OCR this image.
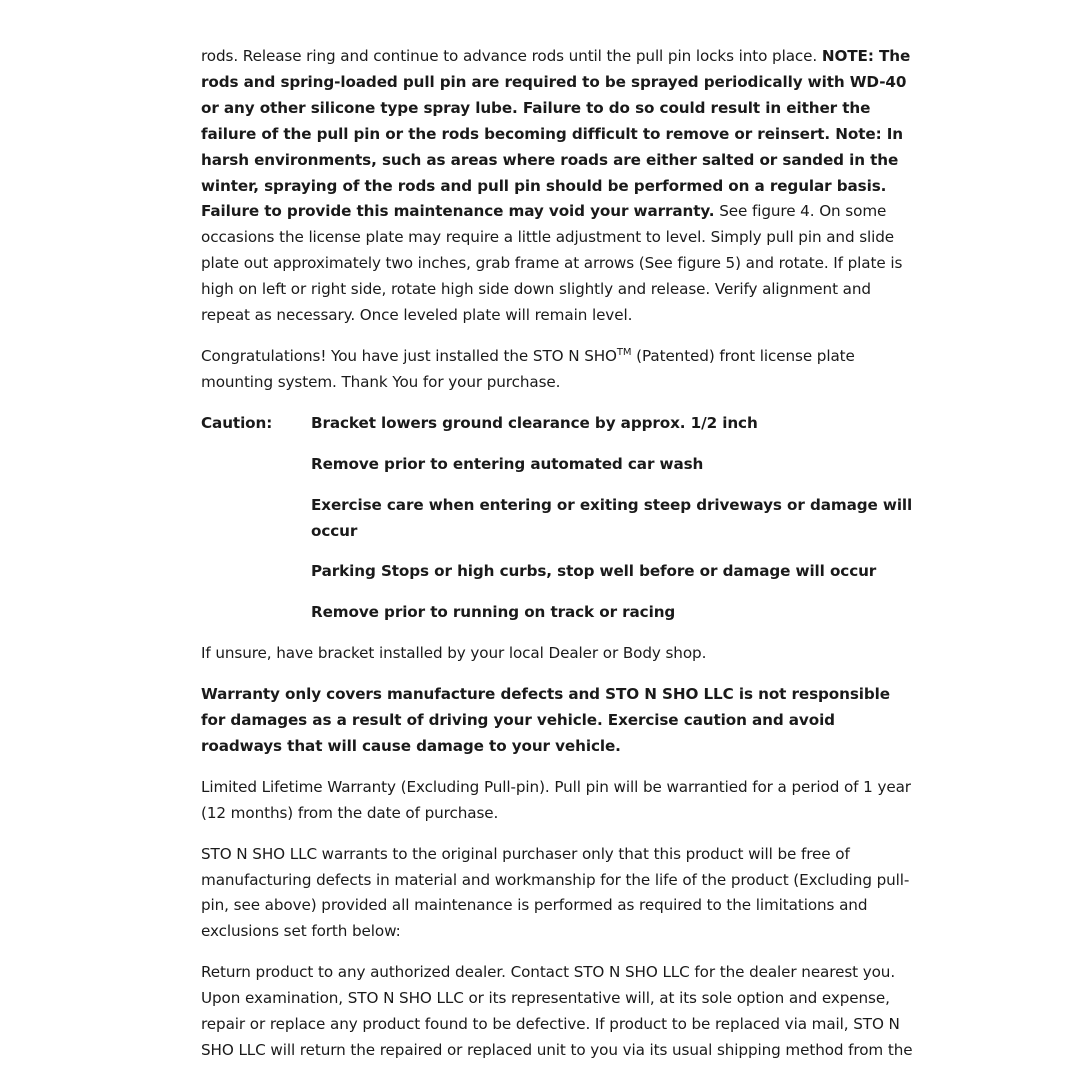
rods. Release ring and continue to advance rods until the pull pin locks into place. NOTE: The rods and spring-loaded pull pin are required to be sprayed periodically with WD-40 or any other silicone type spray lube. Failure to do so could result in either the failure of the pull pin or the rods becoming difficult to remove or reinsert. Note: In harsh environments, such as areas where roads are either salted or sanded in the winter, spraying of the rods and pull pin should be performed on a regular basis. Failure to provide this maintenance may void your warranty. See figure 4. On some occasions the license plate may require a little adjustment to level. Simply pull pin and slide plate out approximately two inches, grab frame at arrows (See figure 5) and rotate. If plate is high on left or right side, rotate high side down slightly and release. Verify alignment and repeat as necessary. Once leveled plate will remain level.

Congratulations! You have just installed the STO N SHO™ (Patented) front license plate mounting system. Thank You for your purchase.

Caution:	Bracket lowers ground clearance by approx. 1/2 inch
Remove prior to entering automated car wash
Exercise care when entering or exiting steep driveways or damage will occur
Parking Stops or high curbs, stop well before or damage will occur
Remove prior to running on track or racing

If unsure, have bracket installed by your local Dealer or Body shop.

Warranty only covers manufacture defects and STO N SHO LLC is not responsible for damages as a result of driving your vehicle. Exercise caution and avoid roadways that will cause damage to your vehicle.

Limited Lifetime Warranty (Excluding Pull-pin). Pull pin will be warrantied for a period of 1 year (12 months) from the date of purchase.

STO N SHO LLC warrants to the original purchaser only that this product will be free of manufacturing defects in material and workmanship for the life of the product (Excluding pull-pin, see above) provided all maintenance is performed as required to the limitations and exclusions set forth below:

Return product to any authorized dealer. Contact STO N SHO LLC for the dealer nearest you. Upon examination, STO N SHO LLC or its representative will, at its sole option and expense, repair or replace any product found to be defective. If product to be replaced via mail, STO N SHO LLC will return the repaired or replaced unit to you via its usual shipping method from the
